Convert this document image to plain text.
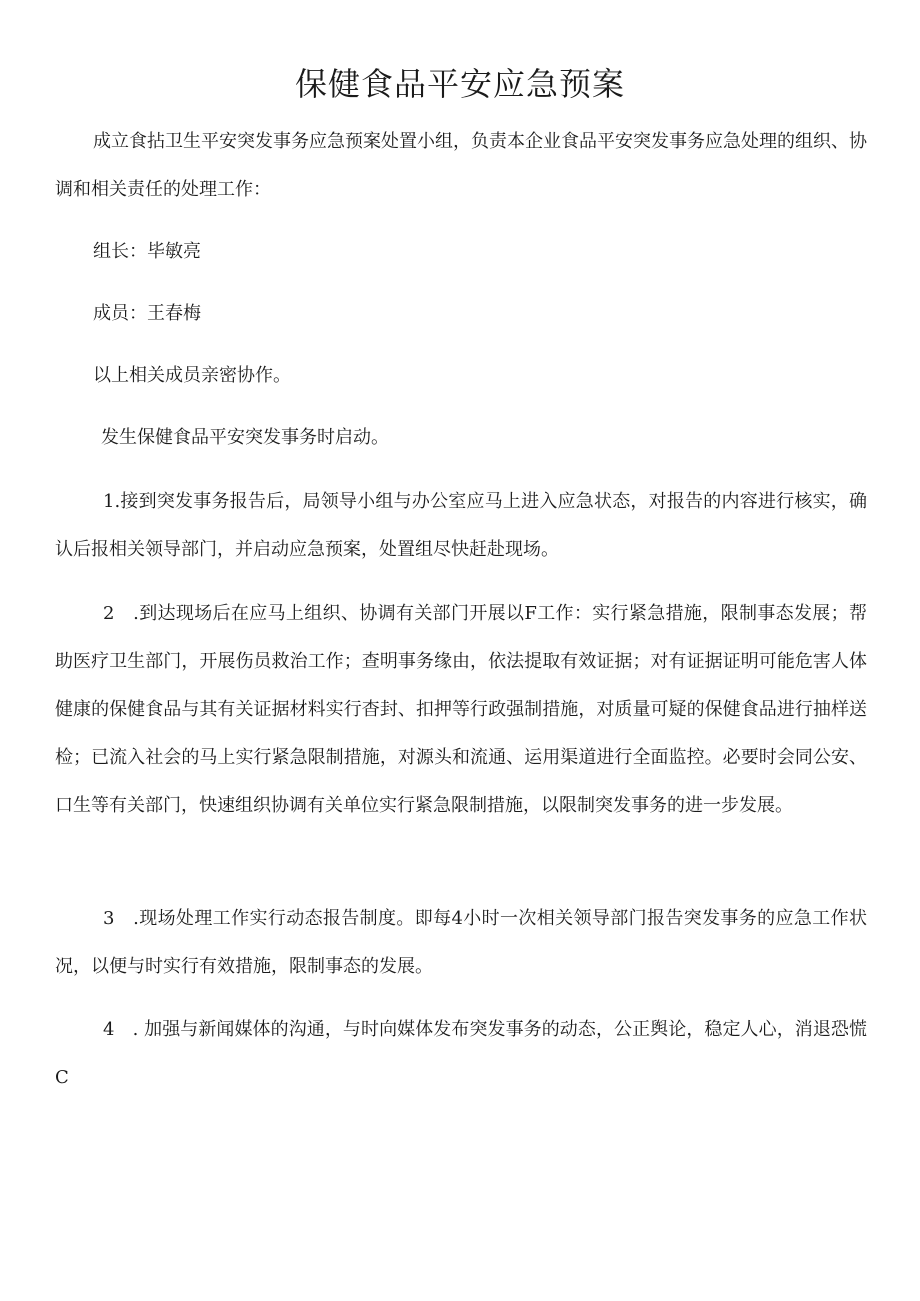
保健食品平安应急预案

成立食拈卫生平安突发事务应急预案处置小组，负责本企业食品平安突发事务应急处理的组织、协调和相关责任的处理工作：

组长：毕敏亮

成员：王春梅

以上相关成员亲密协作。

发生保健食品平安突发事务时启动。

1.接到突发事务报告后，局领导小组与办公室应马上进入应急状态，对报告的内容进行核实，确认后报相关领导部门，并启动应急预案，处置组尽快赶赴现场。

2　.到达现场后在应马上组织、协调有关部门开展以F工作：实行紧急措施，限制事态发展；帮助医疗卫生部门，开展伤员救治工作；查明事务缘由，依法提取有效证据；对有证据证明可能危害人体健康的保健食品与其有关证据材料实行杳封、扣押等行政强制措施，对质量可疑的保健食品进行抽样送检；已流入社会的马上实行紧急限制措施，对源头和流通、运用渠道进行全面监控。必要时会同公安、口生等有关部门，快速组织协调有关单位实行紧急限制措施，以限制突发事务的进一步发展。

3　.现场处理工作实行动态报告制度。即每4小时一次相关领导部门报告突发事务的应急工作状况，以便与时实行有效措施，限制事态的发展。

4　. 加强与新闻媒体的沟通，与时向媒体发布突发事务的动态，公正舆论，稳定人心，消退恐慌C
